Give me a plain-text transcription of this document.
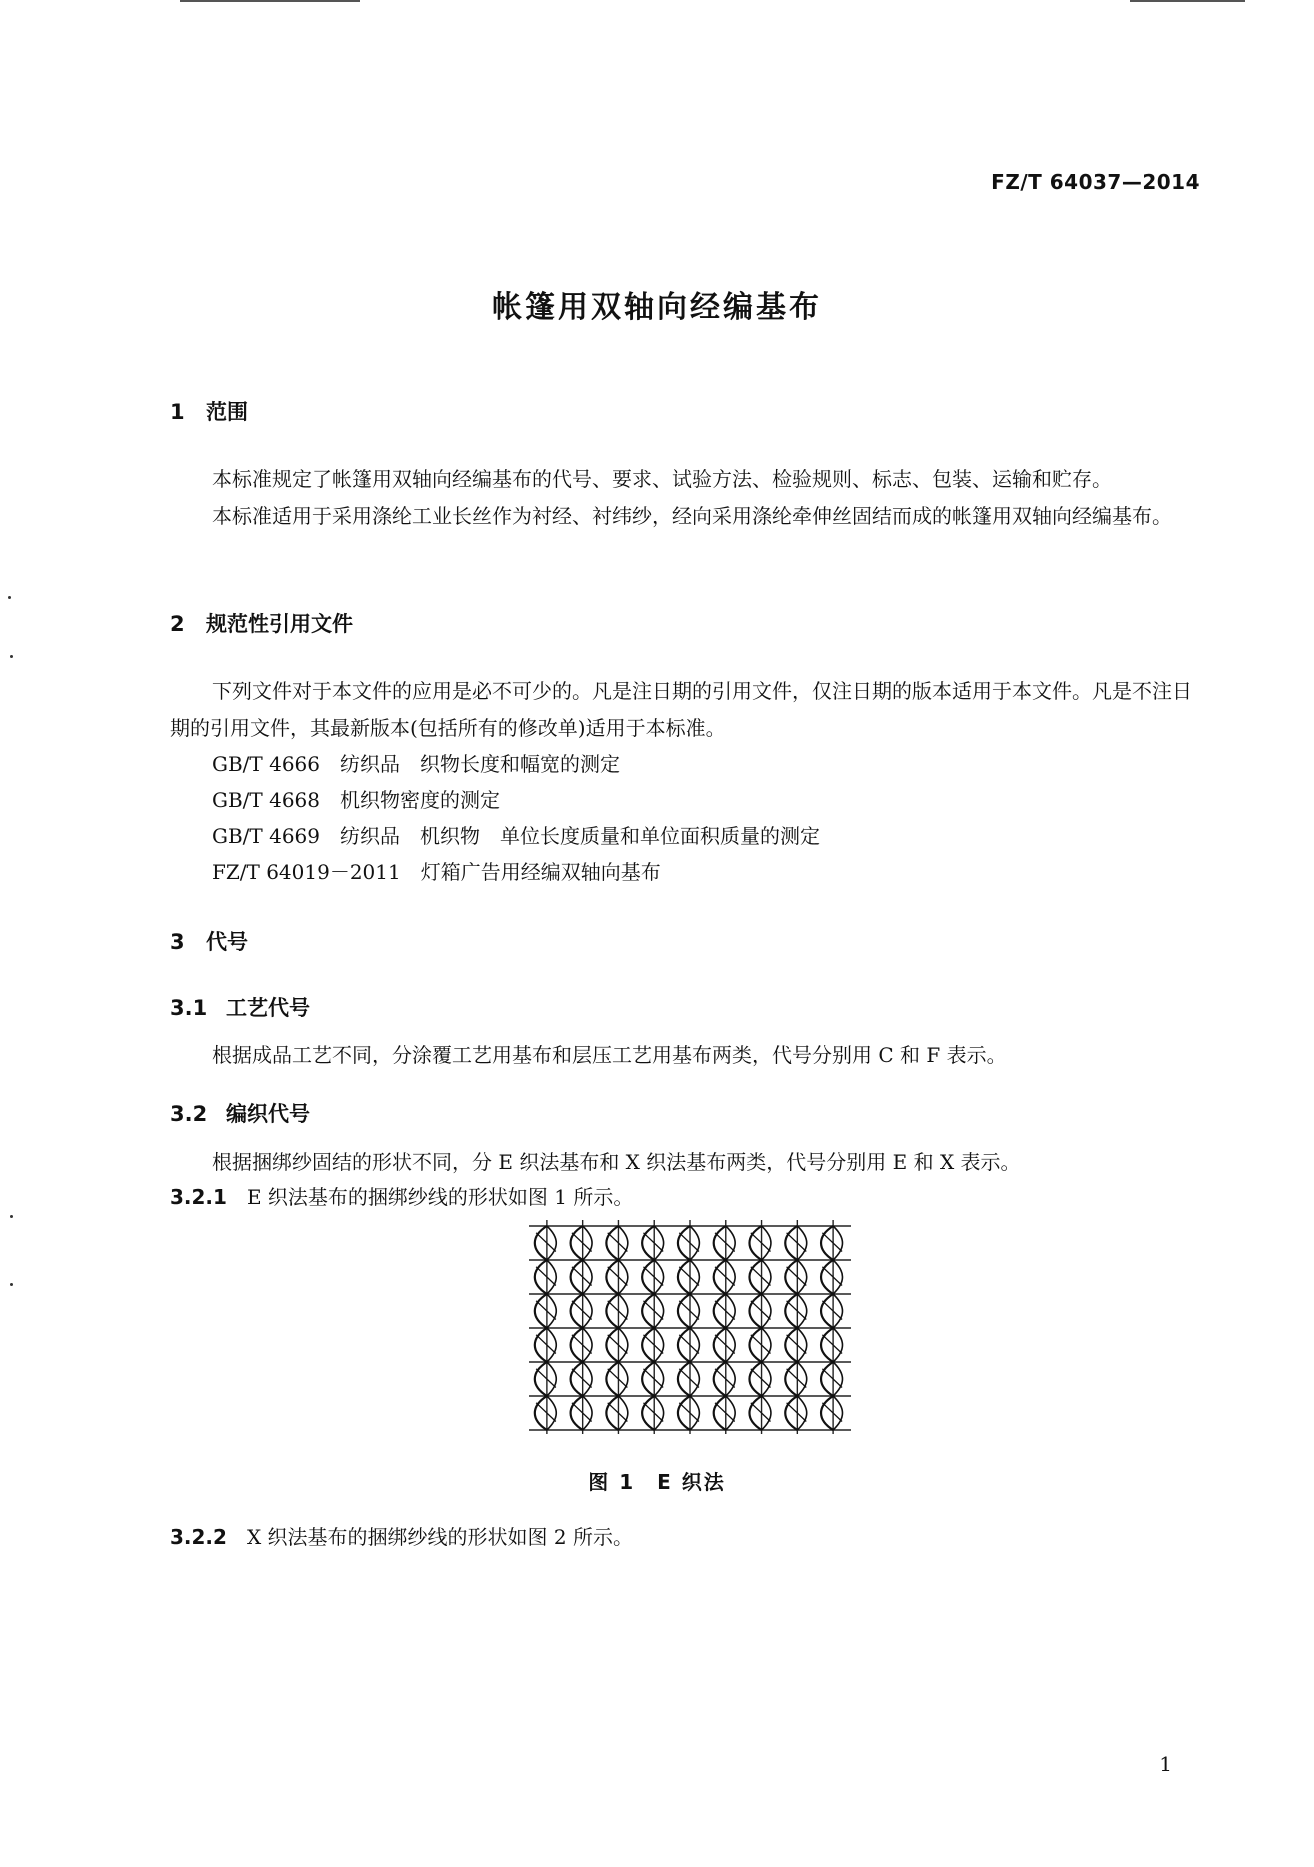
FZ/T 64037—2014
帐篷用双轴向经编基布
1 范围
本标准规定了帐篷用双轴向经编基布的代号、要求、试验方法、检验规则、标志、包装、运输和贮存。
本标准适用于采用涤纶工业长丝作为衬经、衬纬纱，经向采用涤纶牵伸丝固结而成的帐篷用双轴向经编基布。
2 规范性引用文件
下列文件对于本文件的应用是必不可少的。凡是注日期的引用文件，仅注日期的版本适用于本文件。凡是不注日期的引用文件，其最新版本(包括所有的修改单)适用于本标准。
GB/T 4666 纺织品　织物长度和幅宽的测定
GB/T 4668 机织物密度的测定
GB/T 4669 纺织品　机织物　单位长度质量和单位面积质量的测定
FZ/T 64019－2011 灯箱广告用经编双轴向基布
3 代号
3.1 工艺代号
根据成品工艺不同，分涂覆工艺用基布和层压工艺用基布两类，代号分别用 C 和 F 表示。
3.2 编织代号
根据捆绑纱固结的形状不同，分 E 织法基布和 X 织法基布两类，代号分别用 E 和 X 表示。
3.2.1　 E 织法基布的捆绑纱线的形状如图 1 所示。
图 1　E 织法
3.2.2　 X 织法基布的捆绑纱线的形状如图 2 所示。
1
